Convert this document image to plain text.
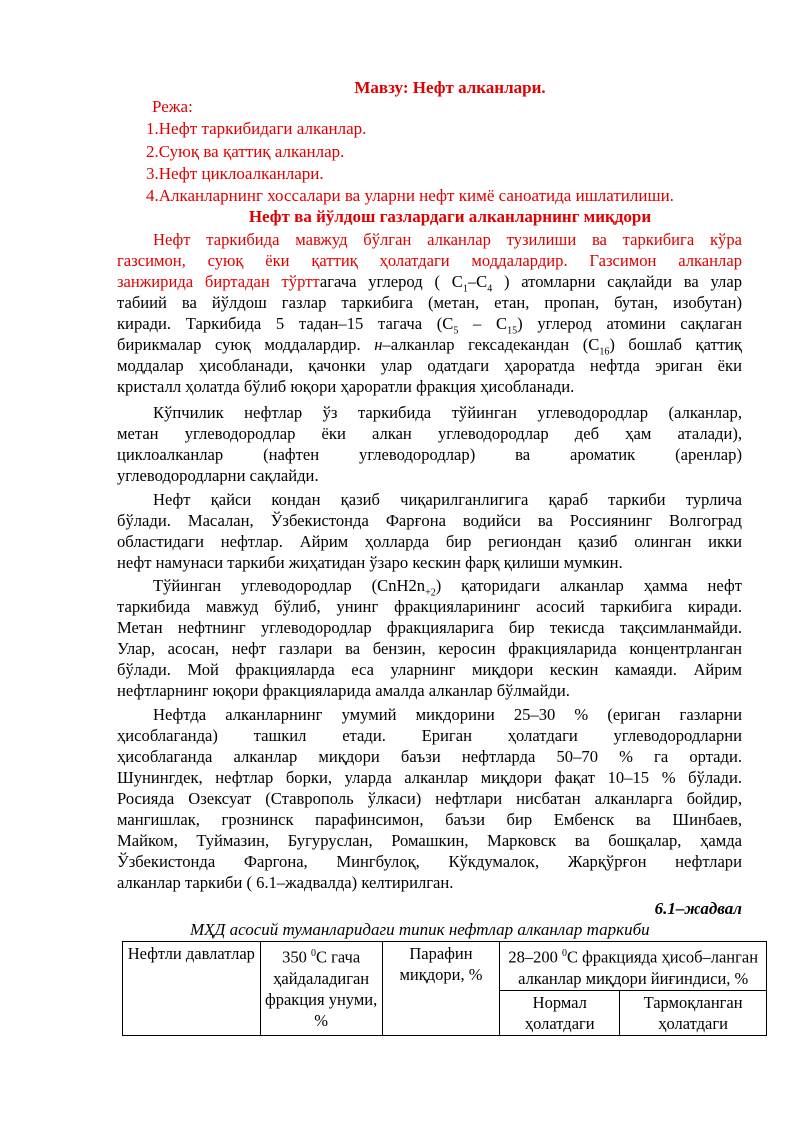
Мавзу: Нефт алканлари.
Режа:
1.Нефт таркибидаги алканлар.
2.Суюқ ва қаттиқ алканлар.
3.Нефт циклоалканлари.
4.Алканларнинг хоссалари ва уларни нефт кимё саноатида ишлатилиши.
Нефт ва йўлдош газлардаги алканларнинг миқдори
Нефт таркибида мавжуд бўлган алканлар тузилиши ва таркибига кўра
газсимон, суюқ ёки қаттиқ ҳолатдаги моддалардир. Газсимон алканлар
занжирида биртадан тўрттагача углерод ( $C_1-C_4$ ) атомларни сақлайди ва улар
табиий ва йўлдош газлар таркибига (метан, етан, пропан, бутан, изобутан)
киради. Таркибида 5 тадан–15 тагача $(C_5 - C_{15})$ углерод атомини сақлаган
бирикмалар суюқ моддалардир. н–алканлар гексадекандан $(C_{16})$ бошлаб қаттиқ
моддалар ҳисобланади, қачонки улар одатдаги ҳароратда нефтда эриган ёки
кристалл ҳолатда бўлиб юқори ҳароратли фракция ҳисобланади.
Кўпчилик нефтлар ўз таркибида тўйинган углеводородлар (алканлар,
метан углеводородлар ёки алкан углеводородлар деб ҳам аталади),
циклоалканлар (нафтен углеводородлар) ва ароматик (аренлар)
углеводородларни сақлайди.
Нефт қайси кондан қазиб чиқарилганлигига қараб таркиби турлича
бўлади. Масалан, Ўзбекистонда Фарғона водийси ва Россиянинг Волгоград
областидаги нефтлар. Айрим ҳолларда бир региондан қазиб олинган икки
нефт намунаси таркиби жиҳатидан ўзаро кескин фарқ қилиши мумкин.
Тўйинган углеводородлар $(CnH2n_{+2})$ қаторидаги алканлар ҳамма нефт
таркибида мавжуд бўлиб, унинг фракцияларининг асосий таркибига киради.
Метан нефтнинг углеводородлар фракцияларига бир текисда тақсимланмайди.
Улар, асосан, нефт газлари ва бензин, керосин фракцияларида концентрланган
бўлади. Мой фракцияларда еса уларнинг миқдори кескин камаяди. Айрим
нефтларнинг юқори фракцияларида амалда алканлар бўлмайди.
Нефтда алканларнинг умумий микдорини 25–30 % (ериган газларни
ҳисоблаганда) ташкил етади. Ериган ҳолатдаги углеводородларни
ҳисоблаганда алканлар миқдори баъзи нефтларда 50–70 % га ортади.
Шунингдек, нефтлар борки, уларда алканлар миқдори фақат 10–15 % бўлади.
Росияда Озексуат (Ставрополь ўлкаси) нефтлари нисбатан алканларга бойдир,
мангишлак, грознинск парафинсимон, баъзи бир Ембенск ва Шинбаев,
Майком, Туймазин, Бугуруслан, Ромашкин, Марковск ва бошқалар, ҳамда
Ўзбекистонда Фаргона, Мингбулоқ, Кўкдумалок, Жарқўрғон нефтлари
алканлар таркиби ( 6.1–жадвалда) келтирилган.
6.1–жадвал
МҲД асосий туманларидаги типик нефтлар алканлар таркиби
Нефтли давлатлар	350 $^0$С гача ҳайдаладиган фракция унуми, %	Парафин миқдори, %	28–200 $^0$С фракцияда ҳисоб–ланган алканлар миқдори йиғиндиси, %	
			Нормал ҳолатдаги	Тармоқланган ҳолатдаги
